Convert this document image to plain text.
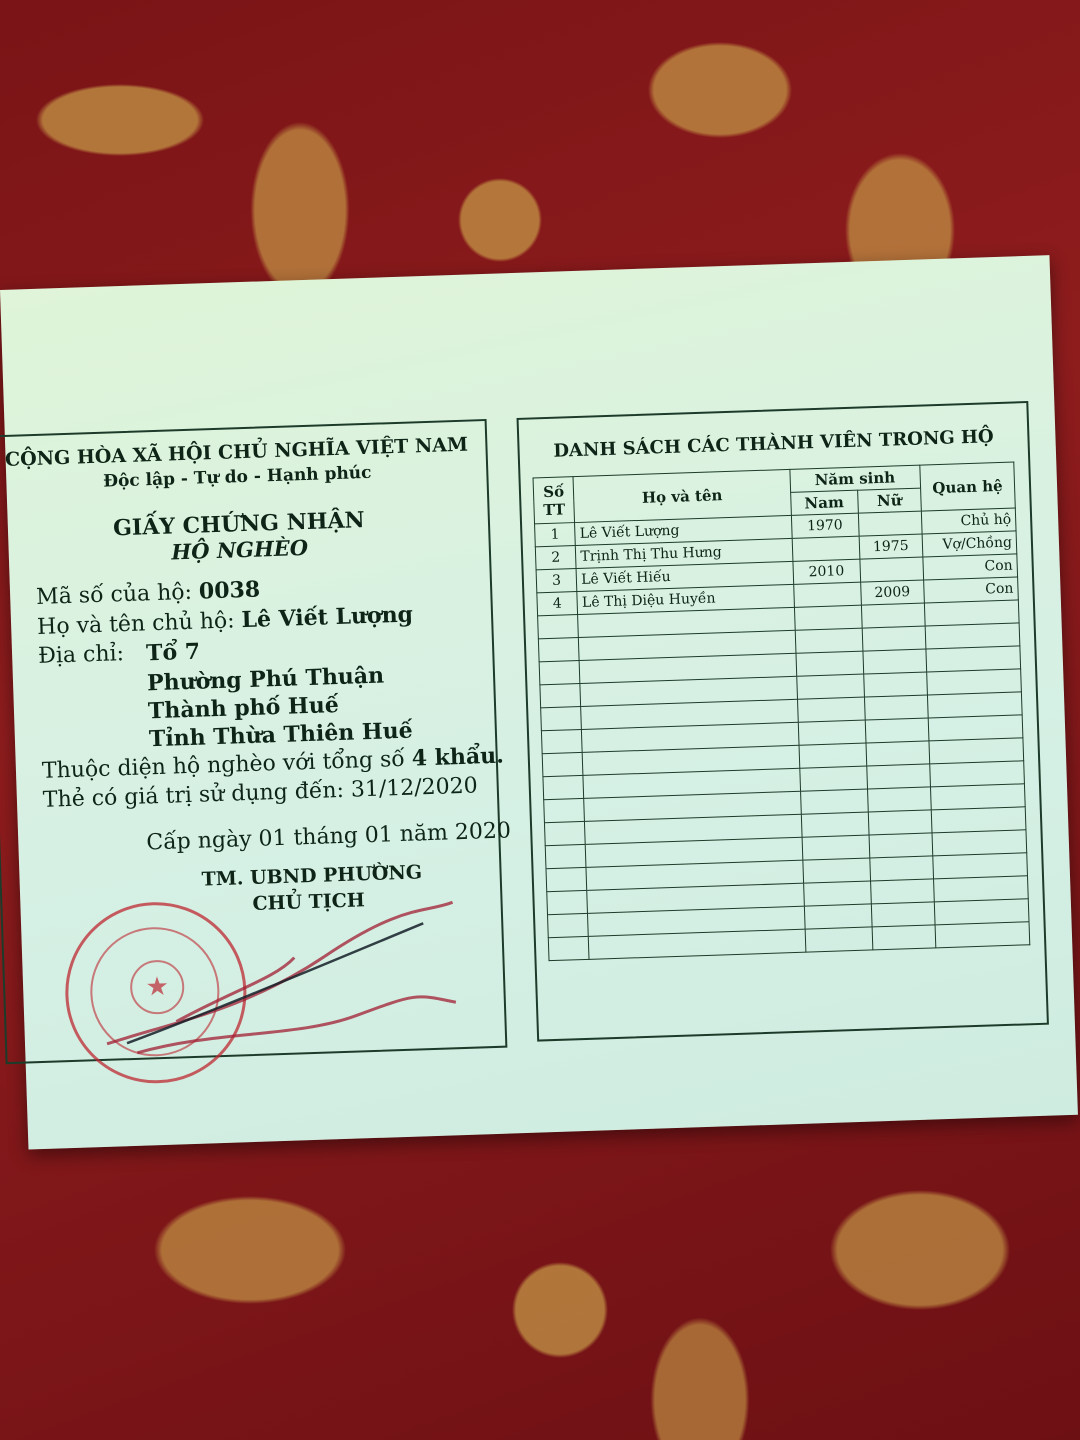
CỘNG HÒA XÃ HỘI CHỦ NGHĨA VIỆT NAM
Độc lập - Tự do - Hạnh phúc
GIẤY CHỨNG NHẬN
HỘ NGHÈO
Mã số của hộ: 0038
Họ và tên chủ hộ: Lê Viết Lượng
Địa chỉ: Tổ 7
Phường Phú Thuận
Thành phố Huế
Tỉnh Thừa Thiên Huế
Thuộc diện hộ nghèo với tổng số 4 khẩu.
Thẻ có giá trị sử dụng đến: 31/12/2020
Cấp ngày 01 tháng 01 năm 2020
TM. UBND PHƯỜNG
CHỦ TỊCH
★
DANH SÁCH CÁC THÀNH VIÊN TRONG HỘ
Số TT	Họ và tên	Năm sinh		Quan hệ
		Nam	Nữ	
1	Lê Viết Lượng	1970		Chủ hộ
2	Trịnh Thị Thu Hưng		1975	Vợ/Chồng
3	Lê Viết Hiếu	2010		Con
4	Lê Thị Diệu Huyền		2009	Con
